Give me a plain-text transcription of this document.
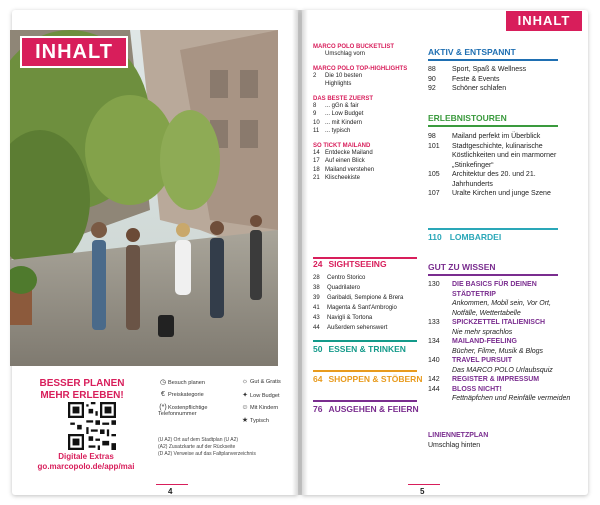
INHALT
BESSER PLANEN
MEHR ERLEBEN!
Digitale Extras
go.marcopolo.de/app/mai
◷ Besuch planen	☼ Gut & Gratis
€ Preiskategorie	✦ Low Budget
(*)Kostenpflichtige Telefonnummer
☺Mit Kindern
★ Typisch
(U A2) Ort auf dem Stadtplan (U A2)
(A2) Zusatzkarte auf der Rückseite
(D A2) Verweise auf das Faltplanverzeichnis
4
MARCO POLO BUCKETLIST
Umschlag vorn
MARCO POLO TOP-HIGHLIGHTS
2	Die 10 besten
Highlights
DAS BESTE ZUERST
8	... gGn & fair
9	... Low Budget
10 ... mit Kindern
11 ... typisch
SO TICKT MAILAND
14 Entdecke Mailand
17 Auf einen Blick
18 Mailand verstehen
21 Klischeekiste
24 SIGHTSEEING
28	Centro Storico
38	Quadrilatero
39	Garibaldi, Sempione & Brera
41	Magenta & Sant'Ambrogio
43	Navigli & Tortona
44	Außerdem sehenswert
50 ESSEN & TRINKEN
64 SHOPPEN & STÖBERN
76 AUSGEHEN & FEIERN
INHALT
AKTIV & ENTSPANNT
88	Sport, Spaß & Wellness
90	Feste & Events
92	Schöner schlafen
ERLEBNISTOUREN
98	Mailand perfekt im Überblick
101	Stadtgeschichte, kulinarische Köstlichkeiten und ein marmorner „Stinkefinger“
105	Architektur des 20. und 21. Jahrhunderts
107	Uralte Kirchen und junge Szene
110 LOMBARDEI
GUT ZU WISSEN
130	DIE BASICS FÜR DEINEN STÄDTETRIP
Ankommen, Mobil sein, Vor Ort, Notfälle, Wettertabelle
133	SPICKZETTEL ITALIENISCH
Nie mehr sprachlos
134	MAILAND-FEELING
Bücher, Filme, Musik & Blogs
140	TRAVEL PURSUIT
Das MARCO POLO Urlaubsquiz
142	REGISTER & IMPRESSUM
144	BLOSS NICHT!
Fettnäpfchen und Reinfälle vermeiden
LINIENNETZPLAN
Umschlag hinten
5
